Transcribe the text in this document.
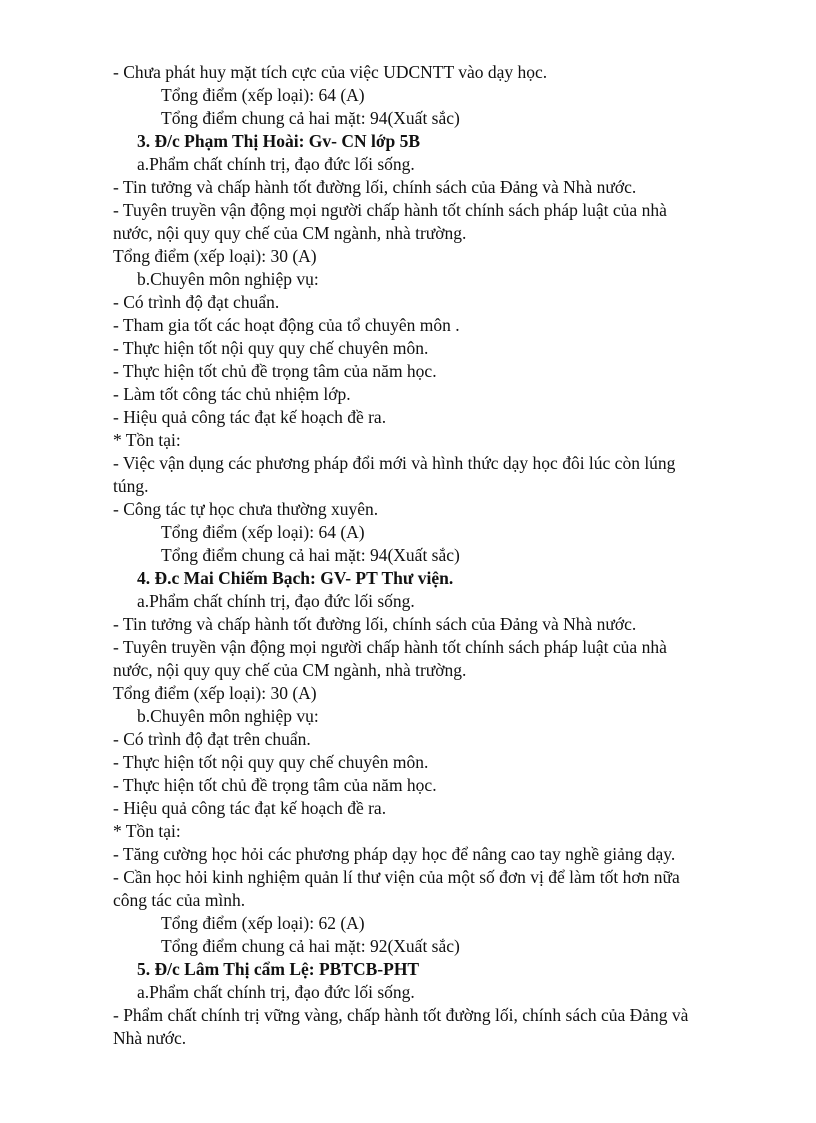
- Chưa phát huy mặt tích cực của việc UDCNTT vào dạy học.
Tổng điểm (xếp loại): 64 (A)
Tổng điểm chung cả hai mặt: 94(Xuất sắc)
3. Đ/c Phạm Thị Hoài: Gv- CN lớp 5B
a.Phẩm chất chính trị, đạo đức lối sống.
- Tin tưởng và chấp hành tốt đường lối, chính sách của Đảng và Nhà nước.
- Tuyên truyền vận động mọi người chấp hành tốt chính sách pháp luật của nhà
nước, nội quy quy chế của CM ngành, nhà trường.
Tổng điểm (xếp loại): 30 (A)
b.Chuyên môn nghiệp vụ:
- Có trình độ đạt chuẩn.
- Tham gia tốt các hoạt động của tổ chuyên môn .
- Thực hiện tốt nội quy quy chế chuyên môn.
- Thực hiện tốt chủ đề trọng tâm của năm học.
- Làm tốt công tác chủ nhiệm lớp.
- Hiệu quả công tác đạt kế hoạch đề ra.
* Tồn tại:
- Việc vận dụng các phương pháp đổi mới và hình thức dạy học đôi lúc còn lúng
túng.
- Công tác tự học chưa thường xuyên.
Tổng điểm (xếp loại): 64 (A)
Tổng điểm chung cả hai mặt: 94(Xuất sắc)
4. Đ.c Mai Chiếm Bạch: GV- PT Thư viện.
a.Phẩm chất chính trị, đạo đức lối sống.
- Tin tưởng và chấp hành tốt đường lối, chính sách của Đảng và Nhà nước.
- Tuyên truyền vận động mọi người chấp hành tốt chính sách pháp luật của nhà
nước, nội quy quy chế của CM ngành, nhà trường.
Tổng điểm (xếp loại): 30 (A)
b.Chuyên môn nghiệp vụ:
- Có trình độ đạt trên chuẩn.
- Thực hiện tốt nội quy quy chế chuyên môn.
- Thực hiện tốt chủ đề trọng tâm của năm học.
- Hiệu quả công tác đạt kế hoạch đề ra.
* Tồn tại:
- Tăng cường học hỏi các phương pháp dạy học để nâng cao tay nghề giảng dạy.
- Cần học hỏi kinh nghiệm quản lí thư viện của một số đơn vị để làm tốt hơn nữa
công tác của mình.
Tổng điểm (xếp loại): 62 (A)
Tổng điểm chung cả hai mặt: 92(Xuất sắc)
5. Đ/c Lâm Thị cẩm Lệ: PBTCB-PHT
a.Phẩm chất chính trị, đạo đức lối sống.
- Phẩm chất chính trị vững vàng, chấp hành tốt đường lối, chính sách của Đảng và
Nhà nước.
